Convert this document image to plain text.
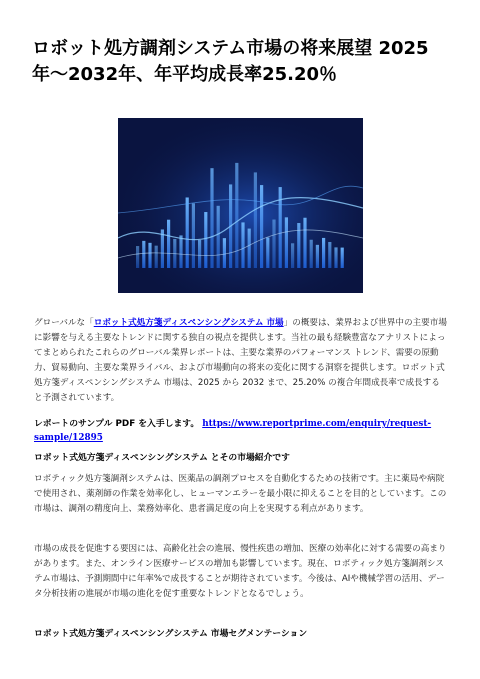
ロボット処方調剤システム市場の将来展望 2025年〜2032年、年平均成長率25.20％

グローバルな「ロボット式処方箋ディスペンシングシステム 市場」の概要は、業界および世界中の主要市場に影響を与える主要なトレンドに関する独自の視点を提供します。当社の最も経験豊富なアナリストによってまとめられたこれらのグローバル業界レポートは、主要な業界のパフォーマンス トレンド、需要の原動力、貿易動向、主要な業界ライバル、および市場動向の将来の変化に関する洞察を提供します。ロボット式処方箋ディスペンシングシステム 市場は、2025 から 2032 まで、25.20% の複合年間成長率で成長すると予測されています。

レポートのサンプル PDF を入手します。 https://www.reportprime.com/enquiry/request-sample/12895

ロボット式処方箋ディスペンシングシステム とその市場紹介です

ロボティック処方箋調剤システムは、医薬品の調剤プロセスを自動化するための技術です。主に薬局や病院で使用され、薬剤師の作業を効率化し、ヒューマンエラーを最小限に抑えることを目的としています。この市場は、調剤の精度向上、業務効率化、患者満足度の向上を実現する利点があります。

市場の成長を促進する要因には、高齢化社会の進展、慢性疾患の増加、医療の効率化に対する需要の高まりがあります。また、オンライン医療サービスの増加も影響しています。現在、ロボティック処方箋調剤システム市場は、予測期間中に年率%で成長することが期待されています。今後は、AIや機械学習の活用、データ分析技術の進展が市場の進化を促す重要なトレンドとなるでしょう。

ロボット式処方箋ディスペンシングシステム 市場セグメンテーション
